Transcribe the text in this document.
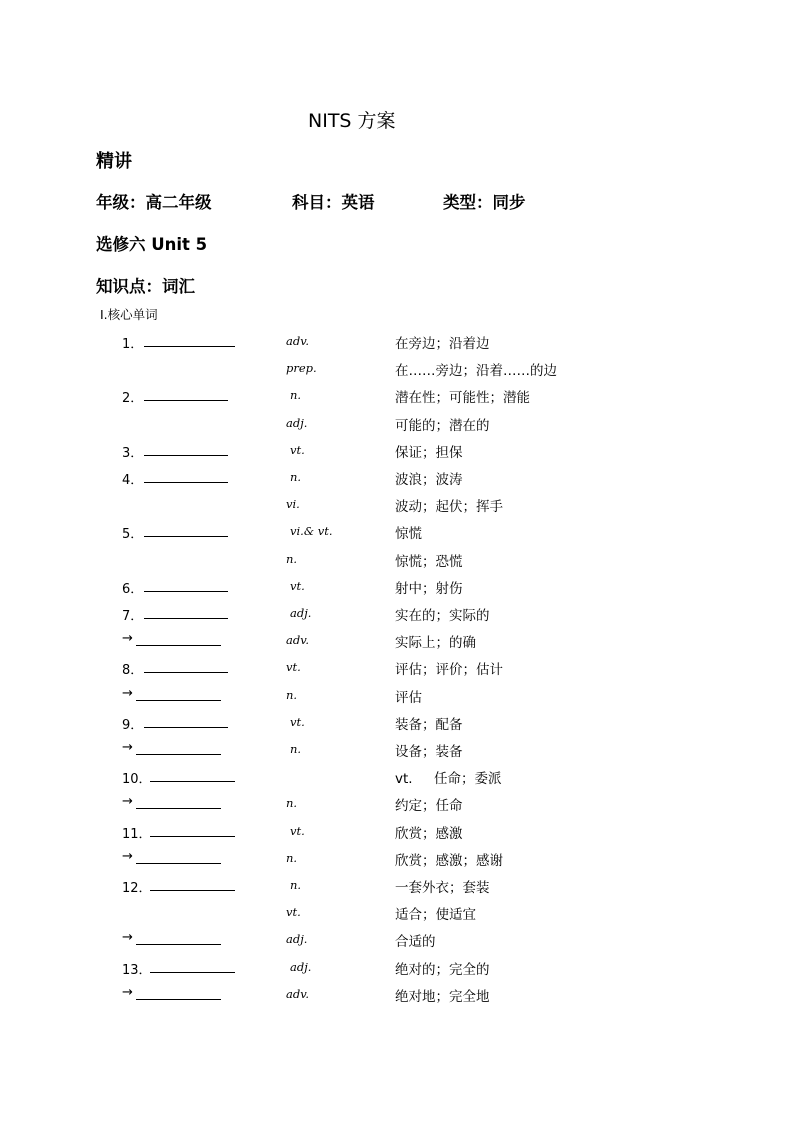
NITS 方案
精讲
年级：高二年级	科目：英语	类型：同步
选修六 Unit 5
知识点：词汇
Ⅰ.核心单词
1．	adv.	在旁边；沿着边
prep.	在……旁边；沿着……的边
2．	n.	潜在性；可能性；潜能
adj.	可能的；潜在的
3．	vt.	保证；担保
4．	n.	波浪；波涛
vi.	波动；起伏；挥手
5．	vi.& vt.	惊慌
n.	惊慌；恐慌
6．	vt.	射中；射伤
7．	adj.	实在的；实际的
→	adv.	实际上；的确
8．	vt.	评估；评价；估计
→	n.	评估
9．	vt.	装备；配备
→	n.	设备；装备
10．	vt.     任命；委派
→	n.	约定；任命
11．	vt.	欣赏；感激
→	n.	欣赏；感激；感谢
12．	n.	一套外衣；套装
vt.	适合；使适宜
→	adj.	合适的
13．	adj.	绝对的；完全的
→	adv.	绝对地；完全地
